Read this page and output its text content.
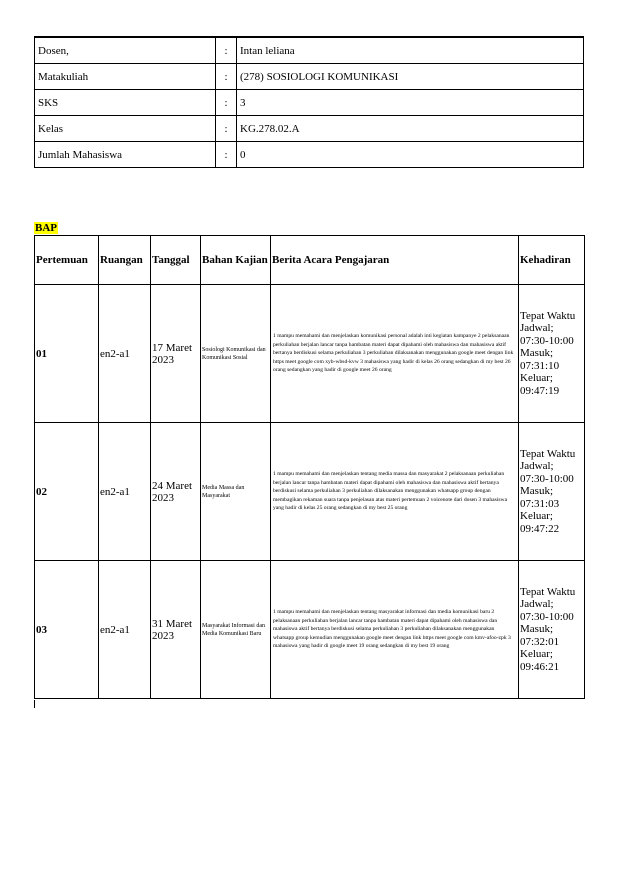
Dosen,	:	Intan leliana
Matakuliah	:	(278) SOSIOLOGI KOMUNIKASI
SKS	:	3
Kelas	:	KG.278.02.A
Jumlah Mahasiswa	:	0
BAP
Pertemuan	Ruangan	Tanggal	Bahan Kajian	Berita Acara Pengajaran	Kehadiran
01	en2-a1	17 Maret 2023	Sosiologi Komunikasi dan Komunikasi Sosial	1 mampu memahami dan menjelaskan komunikasi personal adalah inti kegiatan kampanye 2 pelaksanaan perkuliahan berjalan lancar tanpa hambatan materi dapat dipahami oleh mahasiswa dan mahasiswa aktif bertanya berdiskusi selama perkuliahan 3 perkuliahan dilaksanakan menggunakan google meet dengan link https meet google com xyb-wbsd-kvw 3 mahasiswa yang hadir di kelas 26 orang sedangkan di my best 26 orang sedangkan yang hadir di google meet 26 orang	Tepat Waktu Jadwal; 07:30-10:00 Masuk; 07:31:10 Keluar; 09:47:19
02	en2-a1	24 Maret 2023	Media Massa dan Masyarakat	1 mampu memahami dan menjelaskan tentang media massa dan masyarakat 2 pelaksanaan perkuliahan berjalan lancar tanpa hambatan materi dapat dipahami oleh mahasiswa dan mahasiswa aktif bertanya berdiskusi selama perkuliahan 3 perkuliahan dilaksanakan menggunakan whatsapp group dengan membagikan rekaman suara tanpa penjelasan atas materi pertemuan 2 voicenote dari dosen 3 mahasiswa yang hadir di kelas 25 orang sedangkan di my best 25 orang	Tepat Waktu Jadwal; 07:30-10:00 Masuk; 07:31:03 Keluar; 09:47:22
03	en2-a1	31 Maret 2023	Masyarakat Informasi dan Media Komunikasi Baru	1 mampu memahami dan menjelaskan tentang masyarakat informasi dan media komunikasi baru 2 pelaksanaan perkuliahan berjalan lancar tanpa hambatan materi dapat dipahami oleh mahasiswa dan mahasiswa aktif bertanya berdiskusi selama perkuliahan 3 perkuliahan dilaksanakan menggunakan whatsapp group kemudian menggunakan google meet dengan link https meet google com kmv-afoo-zpk 3 mahasiswa yang hadir di google meet 19 orang sedangkan di my best 19 orang	Tepat Waktu Jadwal; 07:30-10:00 Masuk; 07:32:01 Keluar; 09:46:21
